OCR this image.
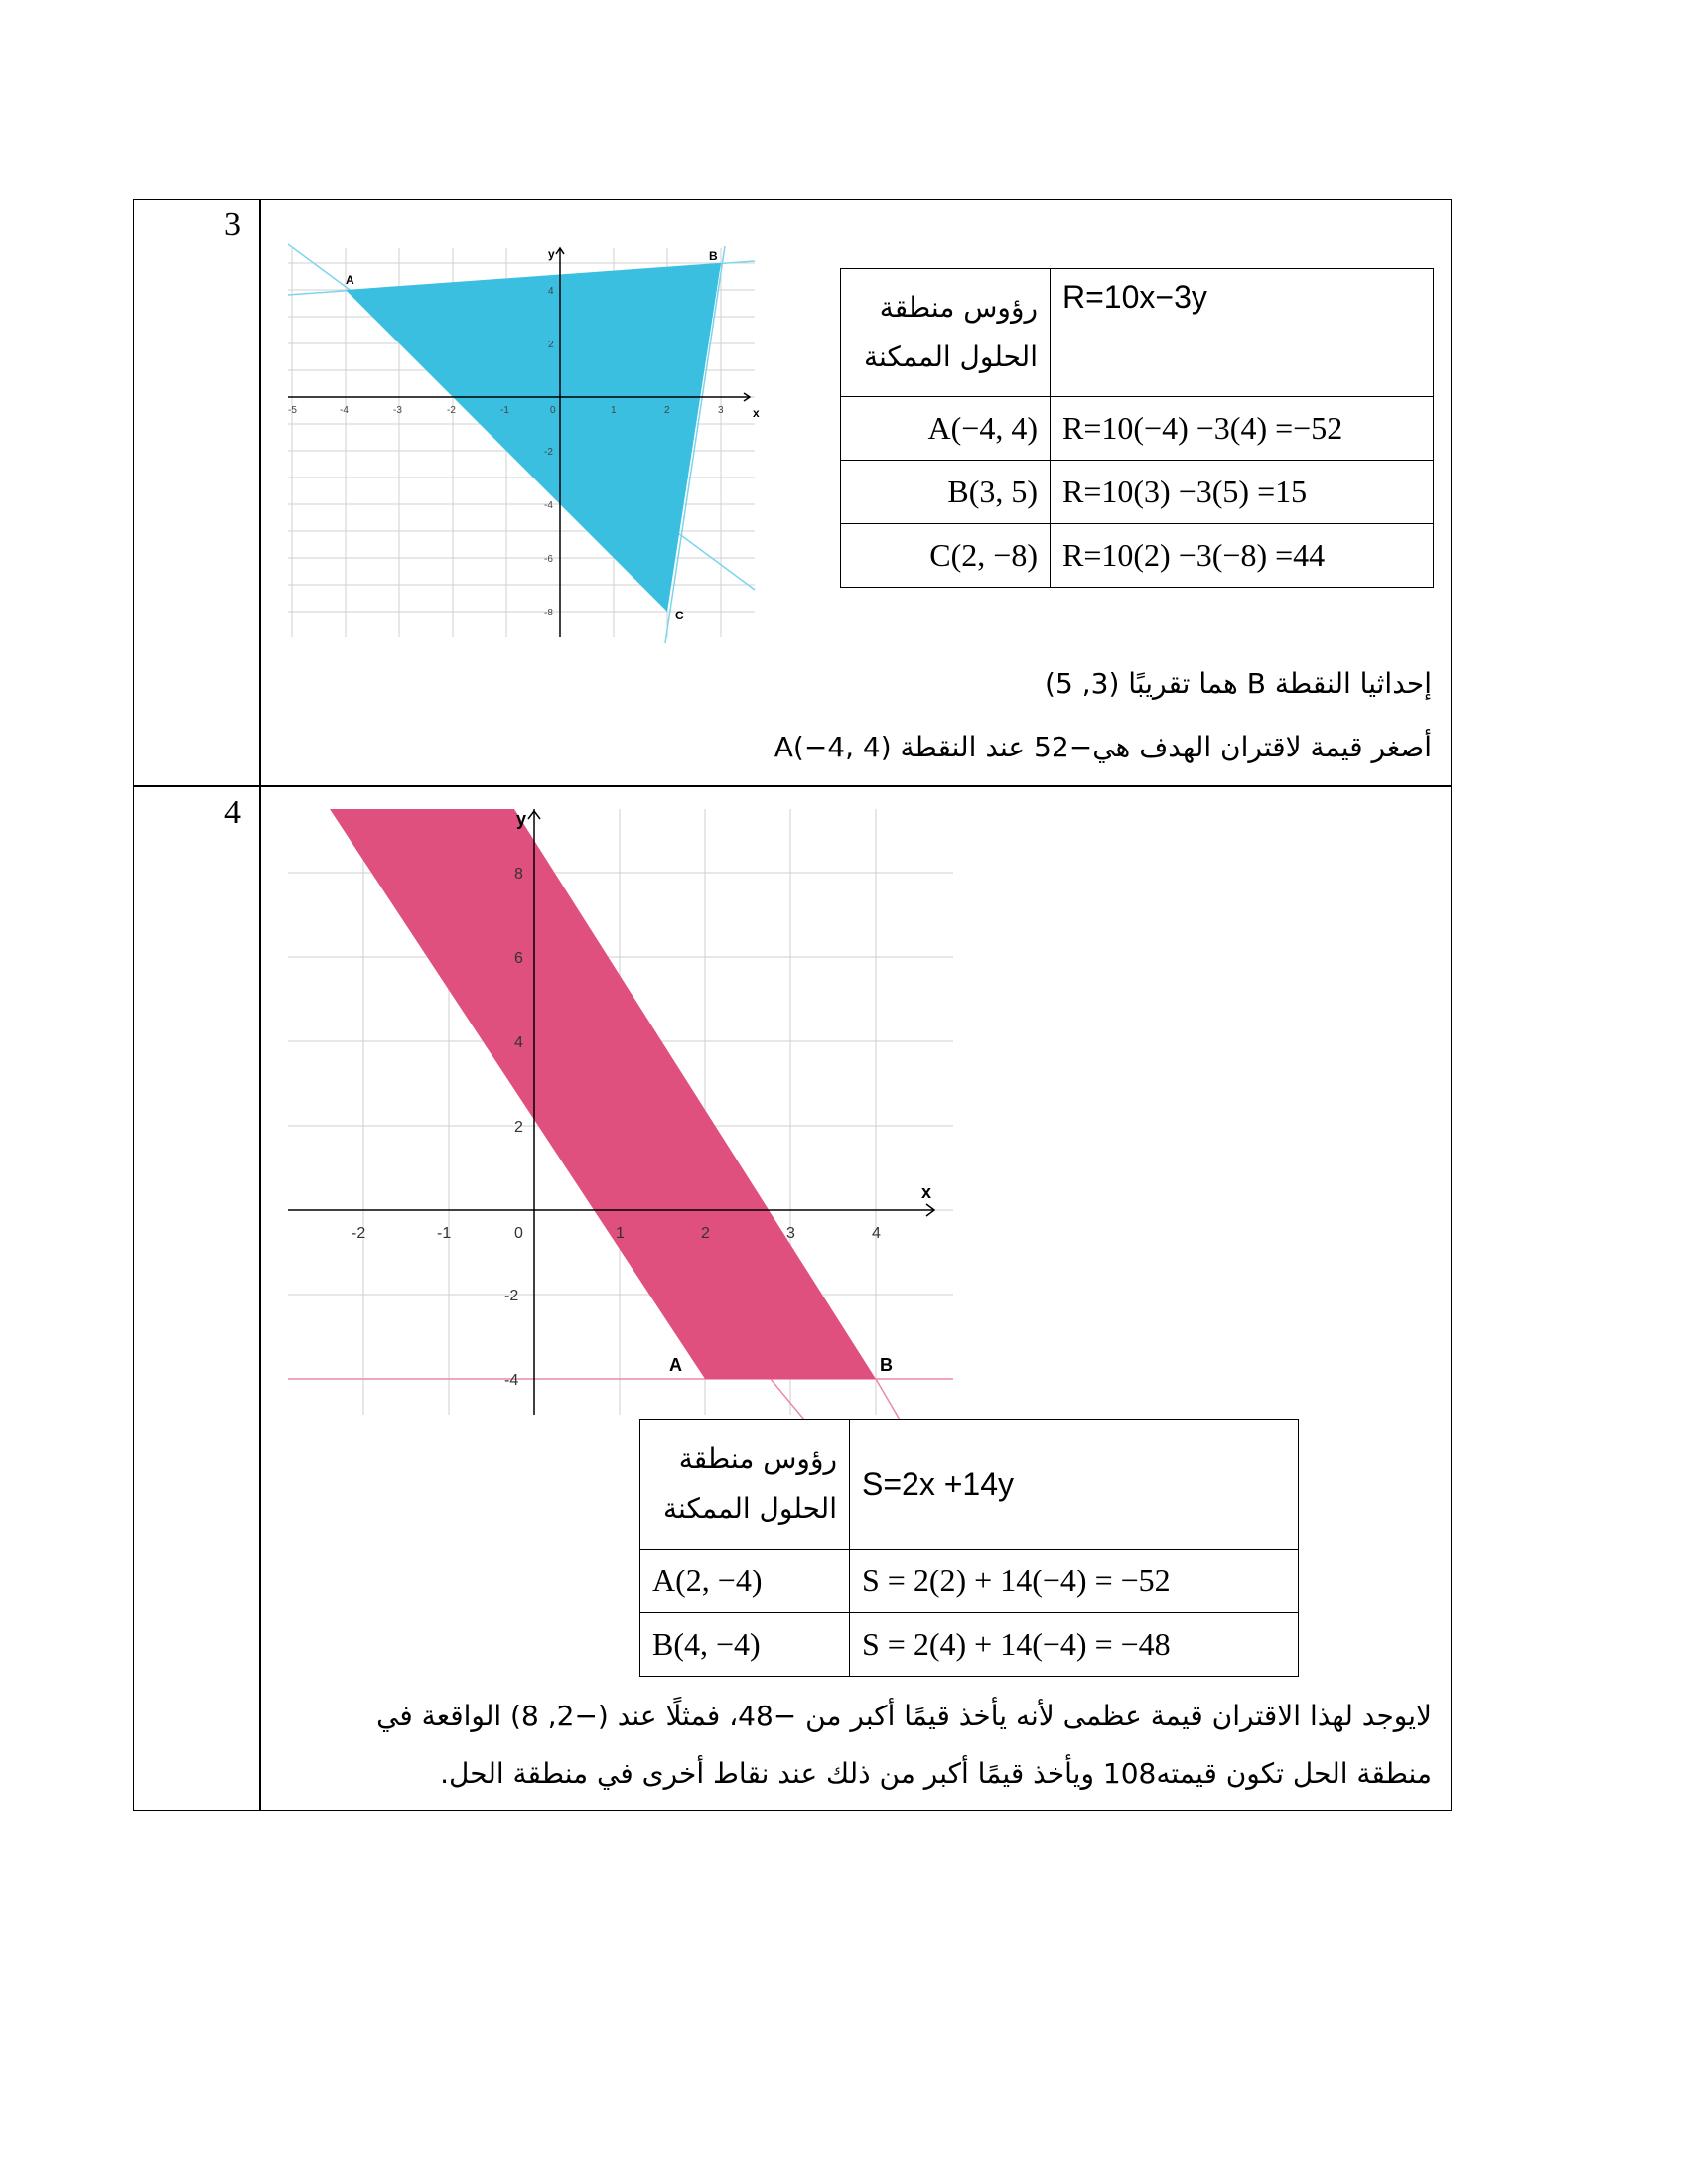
3
4
-5	-4	-3	-2	-1	0	1	2	3
4
2
-2
-4
-6
-8
x
y
A
B
C
رؤوس منطقة الحلول الممكنة	R=10x−3y
A(−4, 4)	R=10(−4) −3(4) =−52
B(3, 5)	R=10(3) −3(5) =15
C(2, −8)	R=10(2) −3(−8) =44
إحداثيا النقطة B هما تقريبًا (3, 5)
أصغر قيمة لاقتران الهدف هي−52 عند النقطة A(−4, 4)
-2	-1	0	1	2	3	4
8
6
4
2
-2
-4
x
y
A	B
رؤوس منطقة الحلول الممكنة	S=2x +14y
A(2, −4)	S = 2(2) + 14(−4) = −52
B(4, −4)	S = 2(4) + 14(−4) = −48
لايوجد لهذا الاقتران قيمة عظمى لأنه يأخذ قيمًا أكبر من −48، فمثلًا عند (−2, 8) الواقعة في
منطقة الحل تكون قيمته108 ويأخذ قيمًا أكبر من ذلك عند نقاط أخرى في منطقة الحل.
